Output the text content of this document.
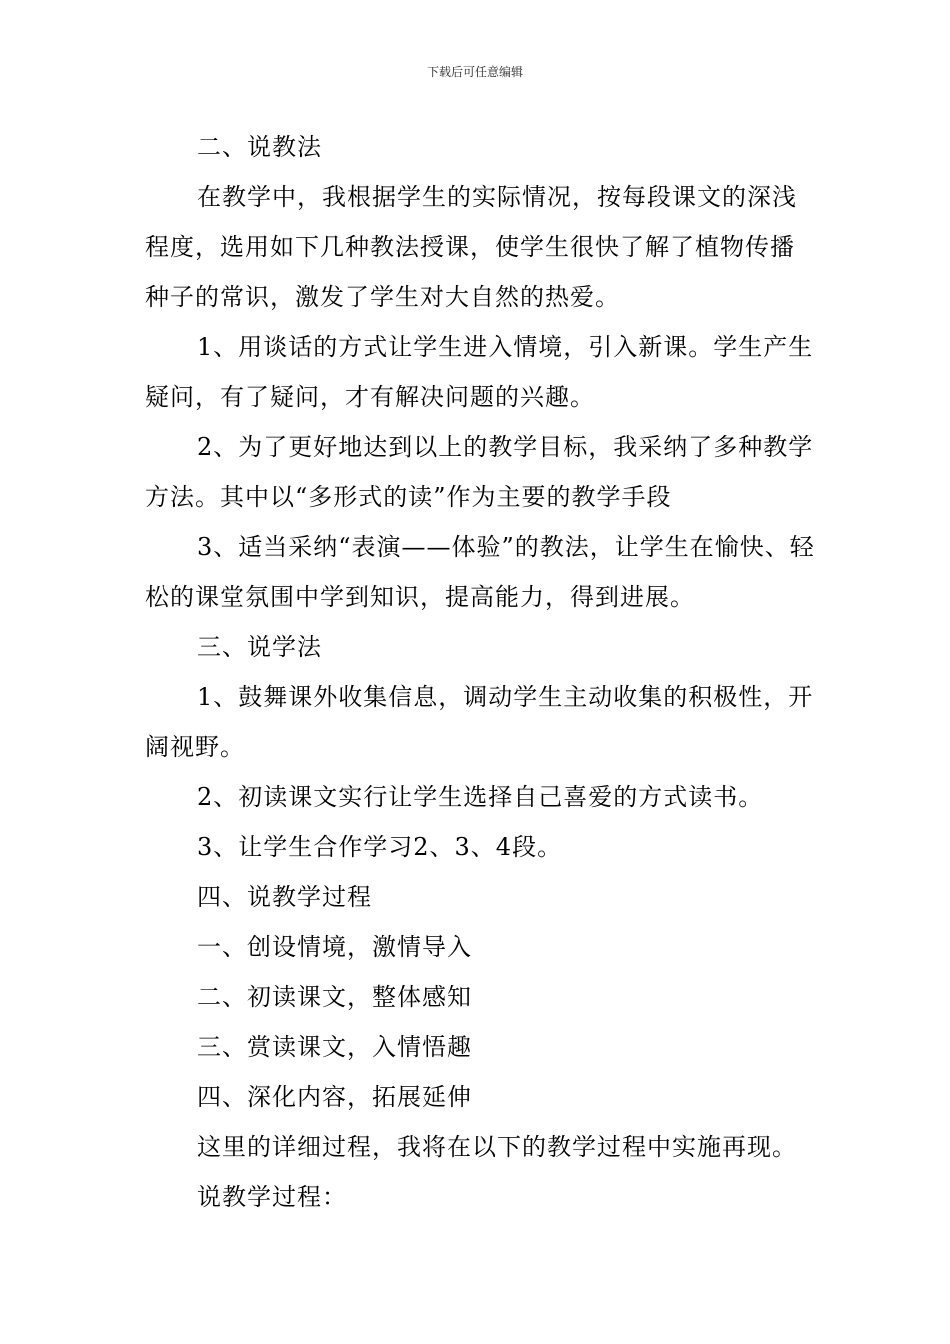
下载后可任意编辑

二、说教法

在教学中，我根据学生的实际情况，按每段课文的深浅程度，选用如下几种教法授课，使学生很快了解了植物传播种子的常识，激发了学生对大自然的热爱。

1、用谈话的方式让学生进入情境，引入新课。学生产生疑问，有了疑问，才有解决问题的兴趣。

2、为了更好地达到以上的教学目标，我采纳了多种教学方法。其中以“多形式的读”作为主要的教学手段

3、适当采纳“表演——体验”的教法，让学生在愉快、轻松的课堂氛围中学到知识，提高能力，得到进展。

三、说学法

1、鼓舞课外收集信息，调动学生主动收集的积极性，开阔视野。

2、初读课文实行让学生选择自己喜爱的方式读书。

3、让学生合作学习2、3、4段。

四、说教学过程

一、创设情境，激情导入

二、初读课文，整体感知

三、赏读课文，入情悟趣

四、深化内容，拓展延伸

这里的详细过程，我将在以下的教学过程中实施再现。

说教学过程：
